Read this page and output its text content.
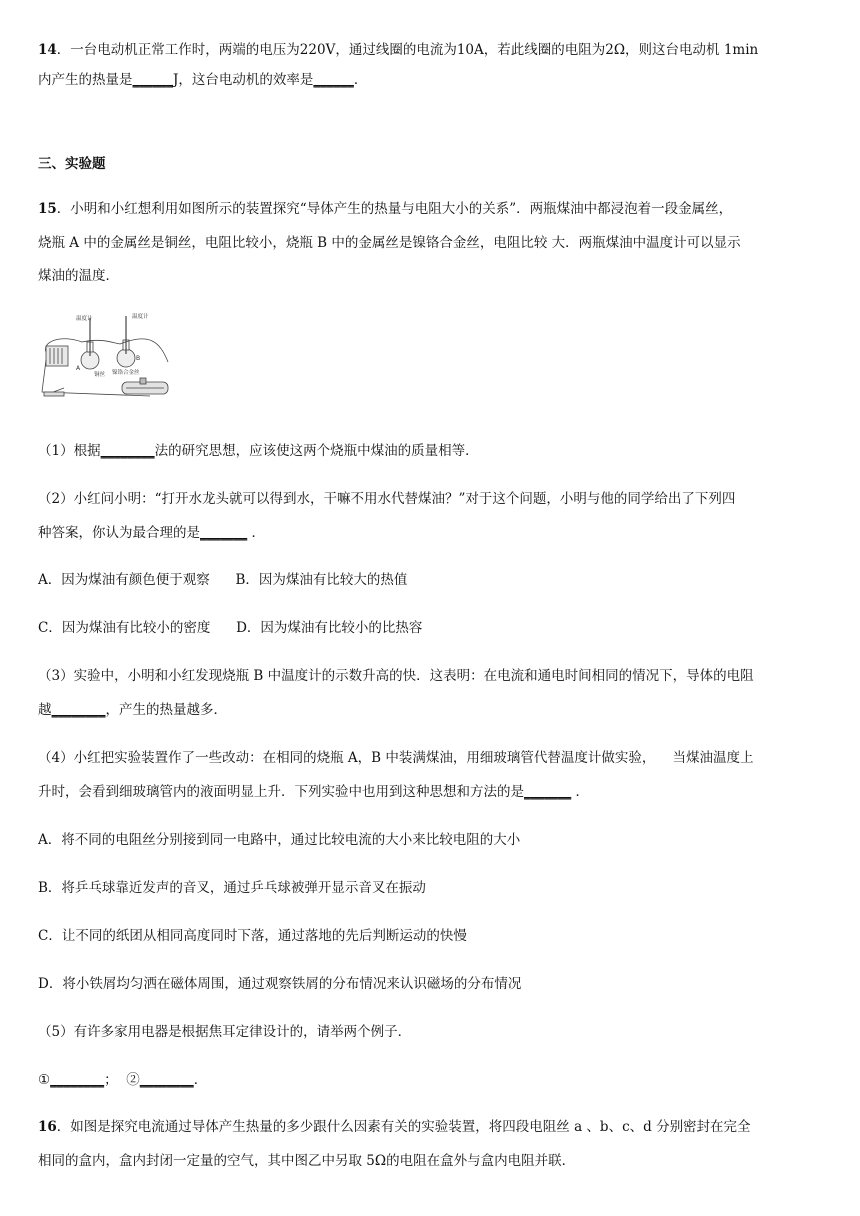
14．一台电动机正常工作时，两端的电压为220V，通过线圈的电流为10A，若此线圈的电阻为2Ω，则这台电动机 1min
内产生的热量是______J，这台电动机的效率是______．
三、实验题
15．小明和小红想利用如图所示的装置探究“导体产生的热量与电阻大小的关系”．两瓶煤油中都浸泡着一段金属丝，
烧瓶 A 中的金属丝是铜丝，电阻比较小，烧瓶 B 中的金属丝是镍铬合金丝，电阻比较 大．两瓶煤油中温度计可以显示
煤油的温度．
温度计	温度计
A
B
铜丝 镍铬合金丝
（1）根据________法的研究思想，应该使这两个烧瓶中煤油的质量相等．
（2）小红问小明：“打开水龙头就可以得到水，干嘛不用水代替煤油？”对于这个问题，小明与他的同学给出了下列四
种答案，你认为最合理的是_______ ．
A．因为煤油有颜色便于观察      B．因为煤油有比较大的热值
C．因为煤油有比较小的密度      D．因为煤油有比较小的比热容
（3）实验中，小明和小红发现烧瓶 B 中温度计的示数升高的快．这表明：在电流和通电时间相同的情况下，导体的电阻
越________，产生的热量越多．
（4）小红把实验装置作了一些改动：在相同的烧瓶 A，B 中装满煤油，用细玻璃管代替温度计做实验，    当煤油温度上
升时，会看到细玻璃管内的液面明显上升．下列实验中也用到这种思想和方法的是_______ ．
A．将不同的电阻丝分别接到同一电路中，通过比较电流的大小来比较电阻的大小
B．将乒乓球靠近发声的音叉，通过乒乓球被弹开显示音叉在振动
C．让不同的纸团从相同高度同时下落，通过落地的先后判断运动的快慢
D．将小铁屑均匀洒在磁体周围，通过观察铁屑的分布情况来认识磁场的分布情况
（5）有许多家用电器是根据焦耳定律设计的，请举两个例子．
①________；  ②________．
16．如图是探究电流通过导体产生热量的多少跟什么因素有关的实验装置，将四段电阻丝 a 、b、c、d 分别密封在完全
相同的盒内，盒内封闭一定量的空气，其中图乙中另取 5Ω的电阻在盒外与盒内电阻并联．
